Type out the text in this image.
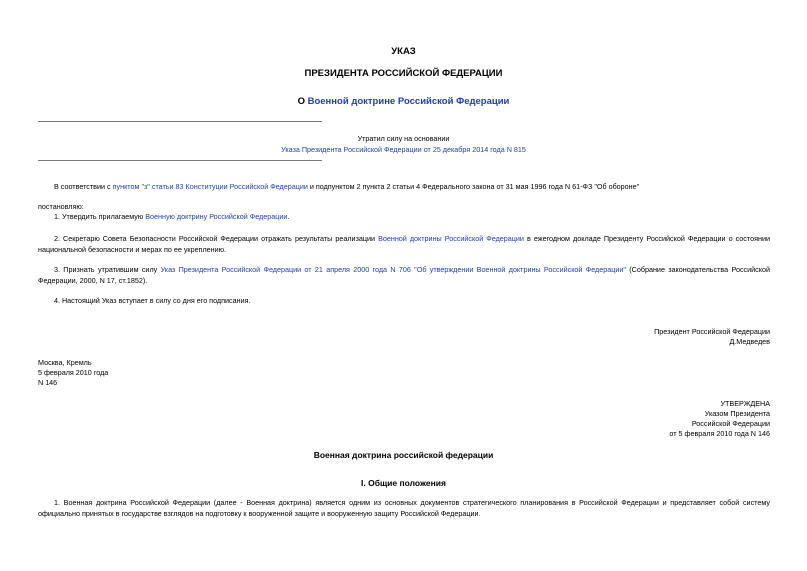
УКАЗ
ПРЕЗИДЕНТА РОССИЙСКОЙ ФЕДЕРАЦИИ
О Военной доктрине Российской Федерации
Утратил силу на основании
Указа Президента Российской Федерации от 25 декабря 2014 года N 815
В соответствии с пунктом "з" статьи 83 Конституции Российской Федерации и подпунктом 2 пункта 2 статьи 4 Федерального закона от 31 мая 1996 года N 61-ФЗ "Об обороне"
постановляю:
1. Утвердить прилагаемую Военную доктрину Российской Федерации.
2. Секретарю Совета Безопасности Российской Федерации отражать результаты реализации Военной доктрины Российской Федерации в ежегодном докладе Президенту Российской Федерации о состоянии национальной безопасности и мерах по ее укреплению.
3. Признать утратившим силу Указ Президента Российской Федерации от 21 апреля 2000 года N 706 "Об утверждении Военной доктрины Российской Федерации" (Собрание законодательства Российской Федерации, 2000, N 17, ст.1852).
4. Настоящий Указ вступает в силу со дня его подписания.
Президент Российской Федерации
Д.Медведев
Москва, Кремль
5 февраля 2010 года
N 146
УТВЕРЖДЕНА
Указом Президента
Российской Федерации
от 5 февраля 2010 года N 146
Военная доктрина российской федерации
I. Общие положения
1. Военная доктрина Российской Федерации (далее - Военная доктрина) является одним из основных документов стратегического планирования в Российской Федерации и представляет собой систему официально принятых в государстве взглядов на подготовку к вооруженной защите и вооруженную защиту Российской Федерации.
